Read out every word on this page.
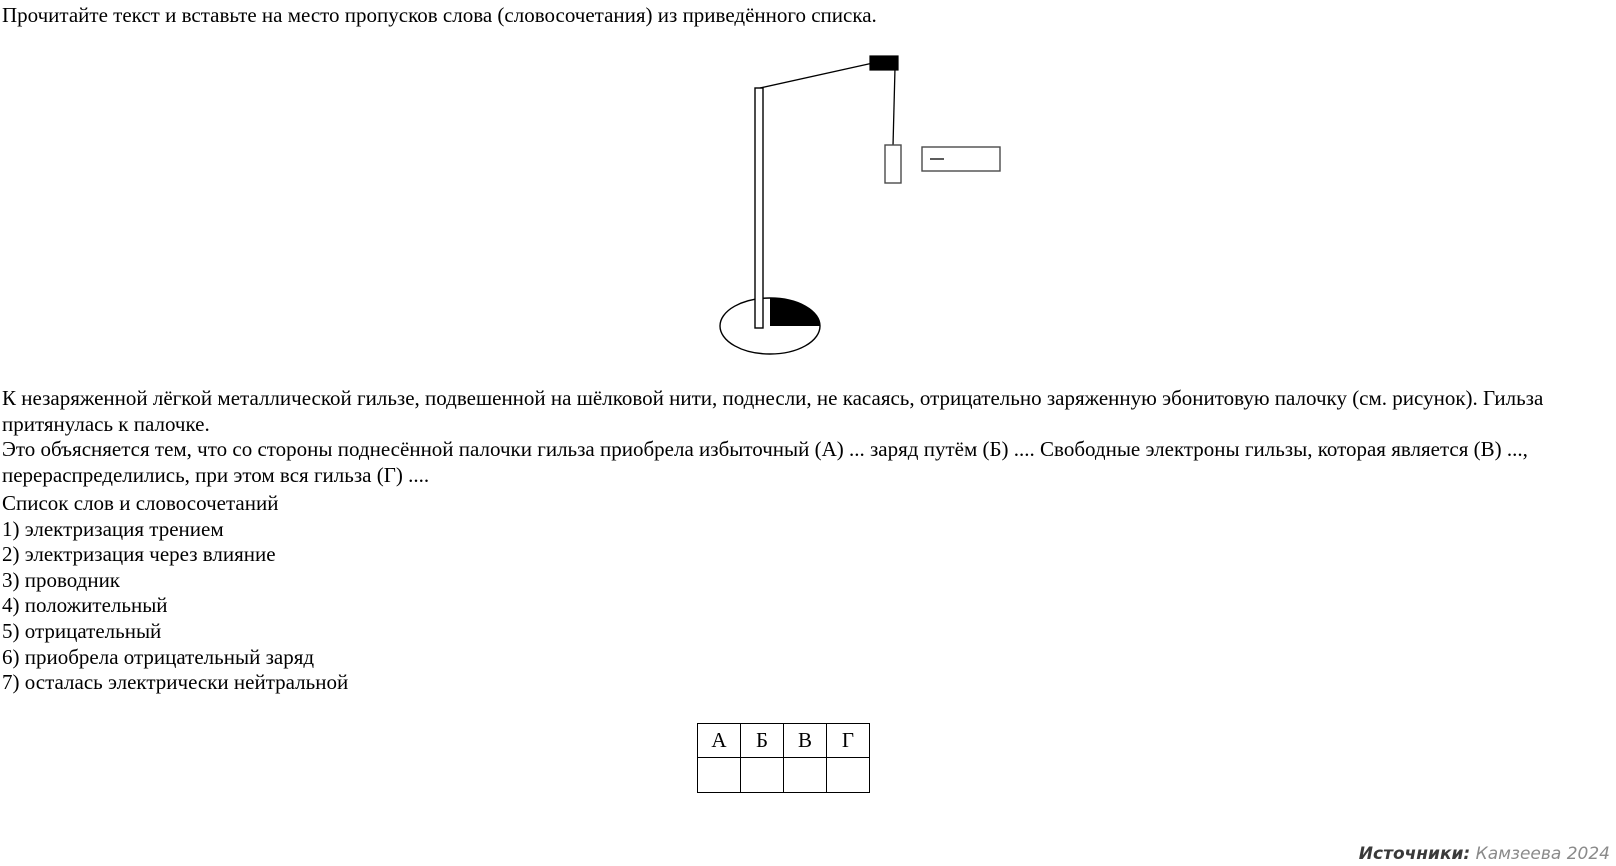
Прочитайте текст и вставьте на место пропусков слова (словосочетания) из приведённого списка.

К незаряженной лёгкой металлической гильзе, подвешенной на шёлковой нити, поднесли, не касаясь, отрицательно заряженную эбонитовую палочку (см. рисунок). Гильза притянулась к палочке.

Это объясняется тем, что со стороны поднесённой палочки гильза приобрела избыточный (А) ... заряд путём (Б) .... Свободные электроны гильзы, которая является (В) ..., перераспределились, при этом вся гильза (Г) ....

Список слов и словосочетаний

1) электризация трением
2) электризация через влияние
3) проводник
4) положительный
5) отрицательный
6) приобрела отрицательный заряд
7) осталась электрически нейтральной
А	Б	В	Г

Источники: Камзеева 2024
